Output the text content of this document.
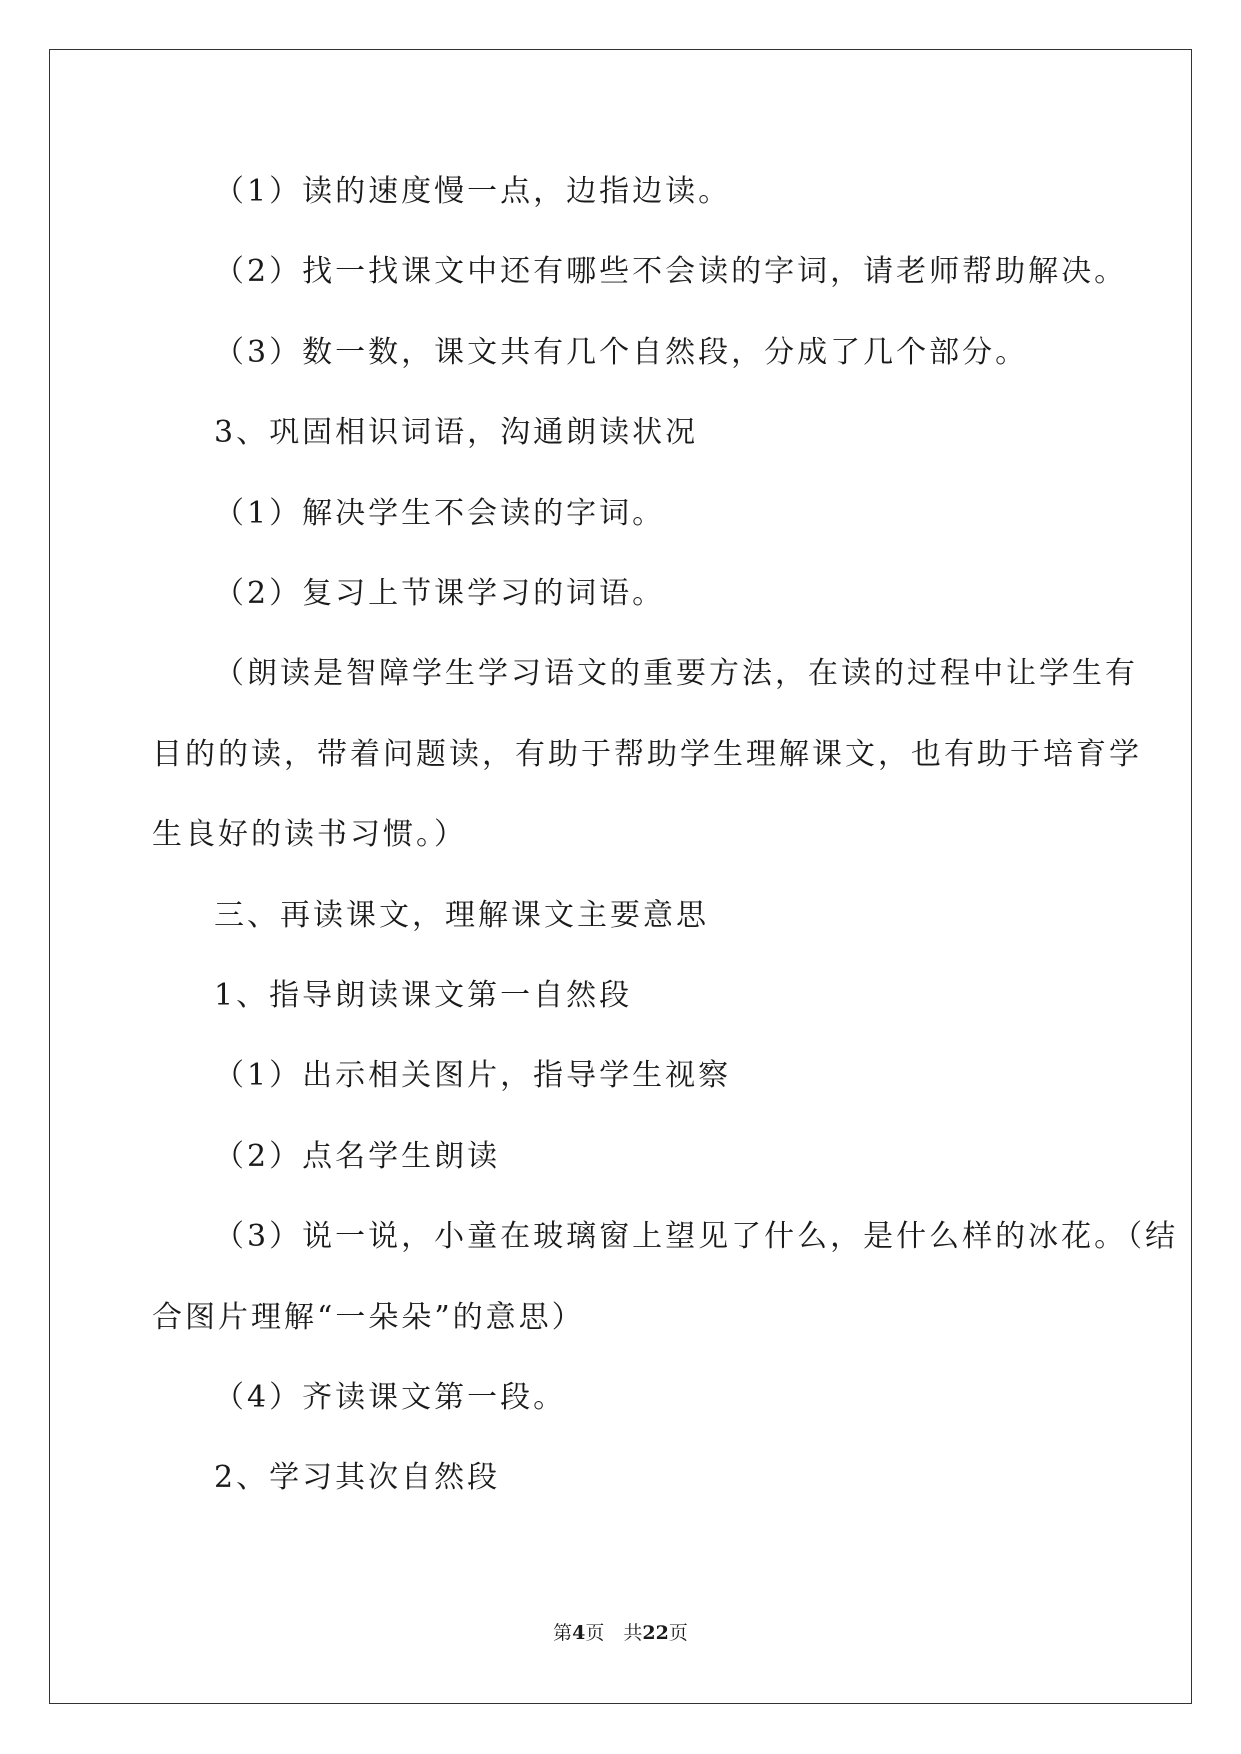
（1）读的速度慢一点，边指边读。
（2）找一找课文中还有哪些不会读的字词，请老师帮助解决。
（3）数一数，课文共有几个自然段，分成了几个部分。
3、巩固相识词语，沟通朗读状况
（1）解决学生不会读的字词。
（2）复习上节课学习的词语。
（朗读是智障学生学习语文的重要方法，在读的过程中让学生有
目的的读，带着问题读，有助于帮助学生理解课文，也有助于培育学
生良好的读书习惯。）
三、再读课文，理解课文主要意思
1、指导朗读课文第一自然段
（1）出示相关图片，指导学生视察
（2）点名学生朗读
（3）说一说，小童在玻璃窗上望见了什么，是什么样的冰花。（结
合图片理解“一朵朵”的意思）
（4）齐读课文第一段。
2、学习其次自然段
第4页　共22页
